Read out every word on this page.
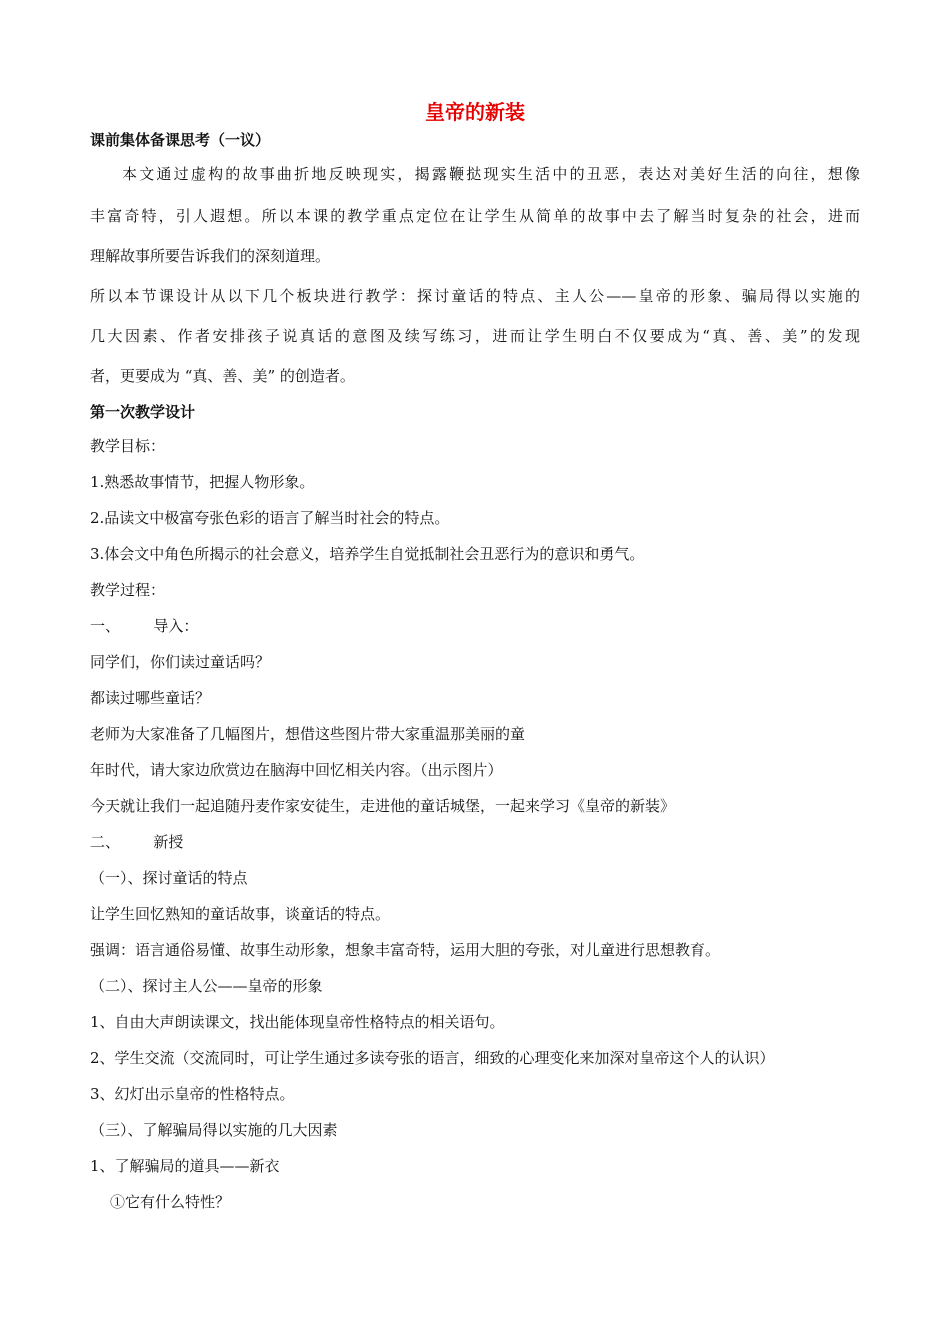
皇帝的新装
课前集体备课思考（一议）
本文通过虚构的故事曲折地反映现实，揭露鞭挞现实生活中的丑恶，表达对美好生活的向往，想像
丰富奇特，引人遐想。所以本课的教学重点定位在让学生从简单的故事中去了解当时复杂的社会，进而
理解故事所要告诉我们的深刻道理。
所以本节课设计从以下几个板块进行教学：探讨童话的特点、主人公——皇帝的形象、骗局得以实施的
几大因素、作者安排孩子说真话的意图及续写练习，进而让学生明白不仅要成为“真、善、美”的发现
者，更要成为 “真、善、美” 的创造者。
第一次教学设计
教学目标：
1.熟悉故事情节，把握人物形象。
2.品读文中极富夸张色彩的语言了解当时社会的特点。
3.体会文中角色所揭示的社会意义，培养学生自觉抵制社会丑恶行为的意识和勇气。
教学过程：
一、       导入：
同学们，你们读过童话吗？
都读过哪些童话？
老师为大家准备了几幅图片，想借这些图片带大家重温那美丽的童
年时代，请大家边欣赏边在脑海中回忆相关内容。（出示图片）
今天就让我们一起追随丹麦作家安徒生，走进他的童话城堡，一起来学习《皇帝的新装》
二、       新授
（一）、探讨童话的特点
让学生回忆熟知的童话故事，谈童话的特点。
强调：语言通俗易懂、故事生动形象，想象丰富奇特，运用大胆的夸张，对儿童进行思想教育。
（二）、探讨主人公——皇帝的形象
1、自由大声朗读课文，找出能体现皇帝性格特点的相关语句。
2、学生交流（交流同时，可让学生通过多读夸张的语言，细致的心理变化来加深对皇帝这个人的认识）
3、幻灯出示皇帝的性格特点。
（三）、了解骗局得以实施的几大因素
1、了解骗局的道具——新衣
①它有什么特性？
